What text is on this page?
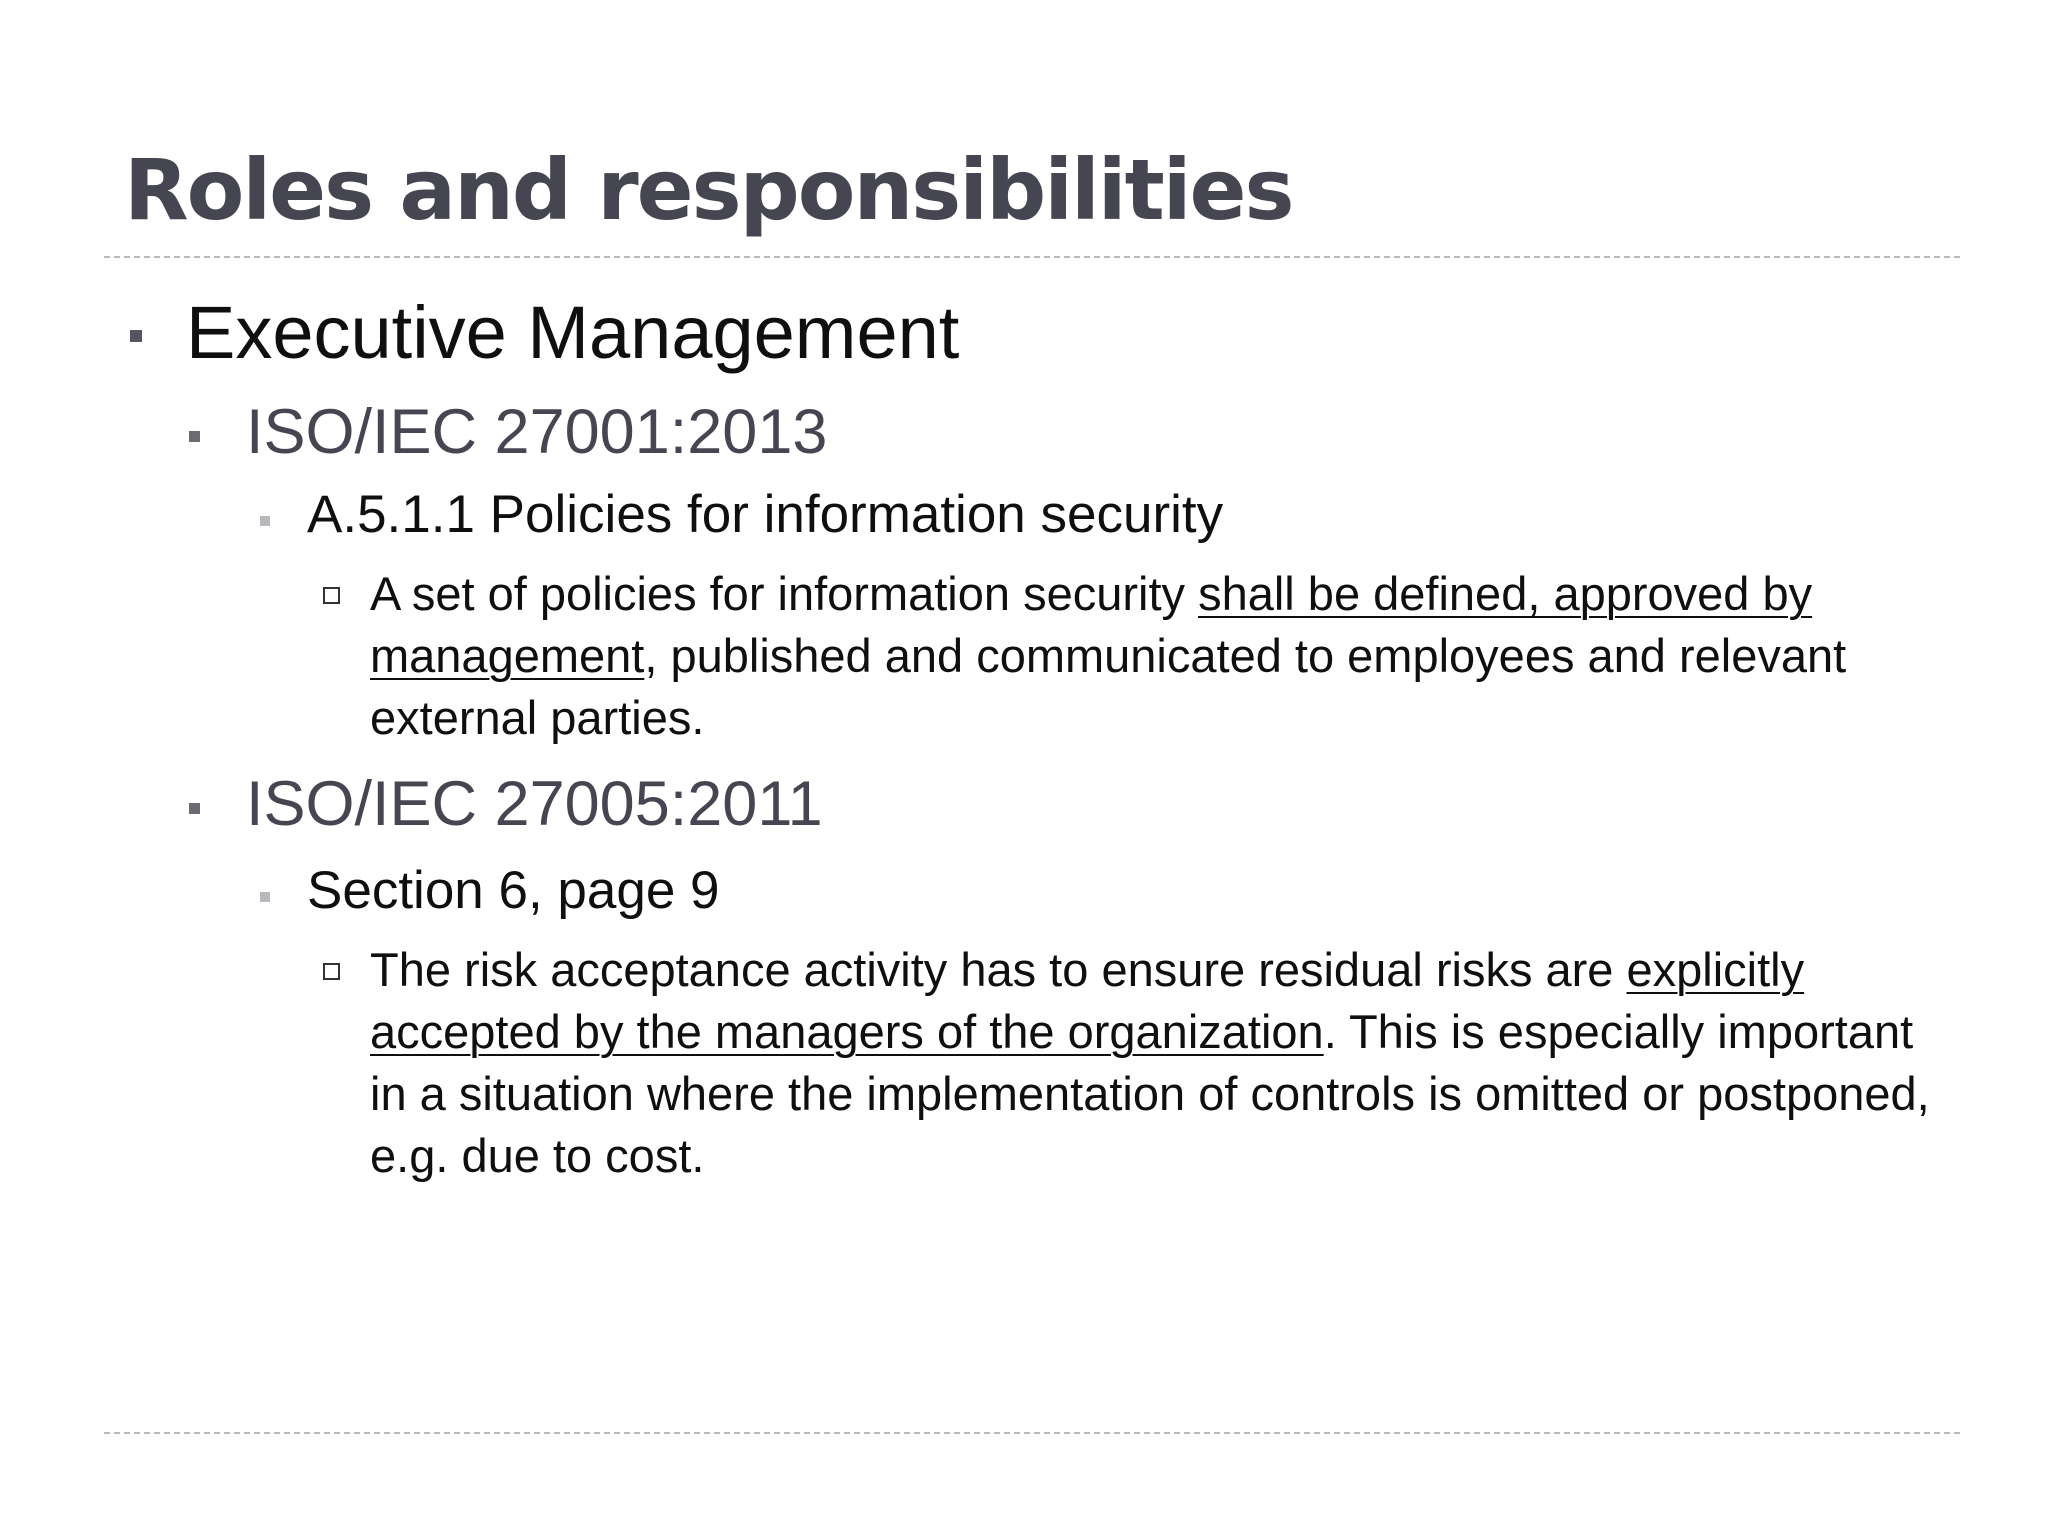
Roles and responsibilities
Executive Management
ISO/IEC 27001:2013
A.5.1.1 Policies for information security
A set of policies for information security shall be defined, approved by management, published and communicated to employees and relevant external parties.
ISO/IEC 27005:2011
Section 6, page 9
The risk acceptance activity has to ensure residual risks are explicitly accepted by the managers of the organization. This is especially important in a situation where the implementation of controls is omitted or postponed, e.g. due to cost.
